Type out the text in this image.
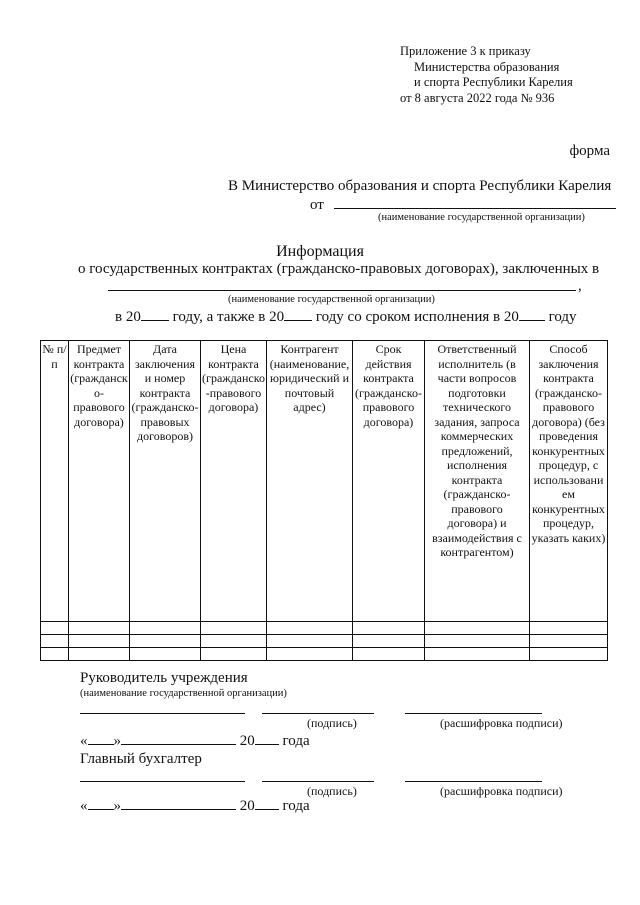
Приложение 3 к приказу
Министерства образования
и спорта Республики Карелия
от 8 августа 2022 года № 936
форма
В Министерство образования и спорта Республики Карелия
от
(наименование государственной организации)
Информация
о государственных контрактах (гражданско-правовых договорах), заключенных в
,
(наименование государственной организации)
в 20 году, а также в 20 году со сроком исполнения в 20 году
№ п/п	Предмет контракта (гражданско-правового договора)	Дата заключения и номер контракта (гражданско-правовых договоров)	Цена контракта (гражданско-правового договора)	Контрагент (наименование, юридический и почтовый адрес)	Срок действия контракта (гражданско-правового договора)	Ответственный исполнитель (в части вопросов подготовки технического задания, запроса коммерческих предложений, исполнения контракта (гражданско-правового договора) и взаимодействия с контрагентом)	Способ заключения контракта (гражданско-правового договора) (без проведения конкурентных процедур, с использованием конкурентных процедур, указать каких)

Руководитель учреждения
(наименование государственной организации)
(подпись)	(расшифровка подписи)
« »	20 года
Главный бухгалтер
(подпись)	(расшифровка подписи)
« »	20 года
